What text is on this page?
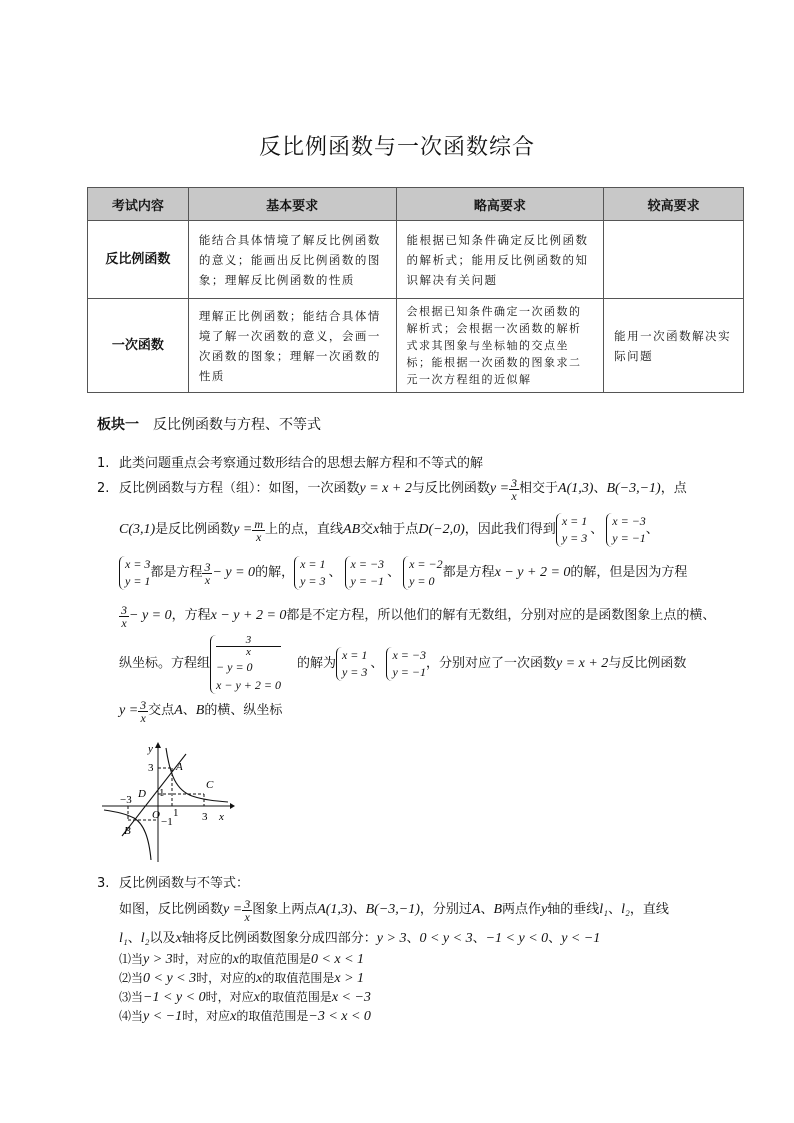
反比例函数与一次函数综合
考试内容	基本要求	略高要求	较高要求
反比例函数	能结合具体情境了解反比例函数的意义；能画出反比例函数的图象；理解反比例函数的性质	能根据已知条件确定反比例函数的解析式；能用反比例函数的知识解决有关问题	
一次函数	理解正比例函数；能结合具体情境了解一次函数的意义，会画一次函数的图象；理解一次函数的性质	会根据已知条件确定一次函数的解析式；会根据一次函数的解析式求其图象与坐标轴的交点坐标；能根据一次函数的图象求二元一次方程组的近似解	能用一次函数解决实际问题
板块一 反比例函数与方程、不等式
1. 此类问题重点会考察通过数形结合的思想去解方程和不等式的解
2. 反比例函数与方程（组）：如图，一次函数 y = x + 2 与反比例函数 $y = \frac{3}{x}$ 相交于 A(1,3) 、 B(−3,−1) ，点
C(3,1) 是反比例函数 $y = \frac{m}{x}$ 上的点，直线 AB 交 x 轴于点 D(−2,0) ，因此我们得到
x = 1
y = 3
、
x = −3
y = −1
、
x = 3
y = 1
都是方程 $\frac{3}{x} - y = 0$ 的解，
x = 1
y = 3
、
x = −3
y = −1
、
x = −2
y = 0
都是方程 x − y + 2 = 0 的解，但是因为方程
$\frac{3}{x} - y = 0$ ，方程 x − y + 2 = 0 都是不定方程，所以他们的解有无数组，分别对应的是函数图象上点的横、
纵坐标。方程组
3
x
− y = 0
x − y + 2 = 0
的解为
x = 1
y = 3
、
x = −3
y = −1
，分别对应了一次函数 y = x + 2 与反比例函数
$y = \frac{3}{x}$ 交点 A 、 B 的横、纵坐标
y
x
O
A
B
C
D
3
1
−3
−1
1 3
3. 反比例函数与不等式：
如图，反比例函数 $y = \frac{3}{x}$ 图象上两点 A(1,3) 、 B(−3,−1) ，分别过 A 、 B 两点作 y 轴的垂线 l₁ 、 l₂ ，直线
l₁ 、 l₂ 以及 x 轴将反比例函数图象分成四部分： y > 3 、 0 < y < 3 、 −1 < y < 0 、 y < −1
⑴当y > 3时，对应的x的取值范围是0 < x < 1
⑵当0 < y < 3时，对应的x的取值范围是x > 1
⑶当−1 < y < 0时，对应x的取值范围是x < −3
⑷当y < −1时，对应x的取值范围是−3 < x < 0
